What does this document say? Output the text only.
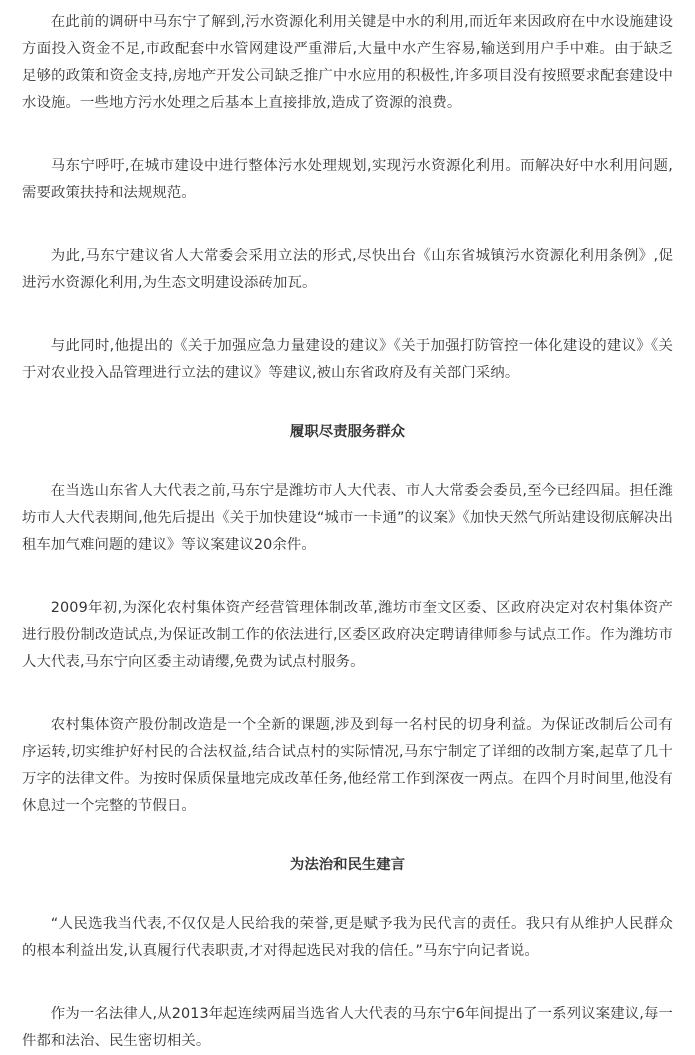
在此前的调研中马东宁了解到,污水资源化利用关键是中水的利用,而近年来因政府在中水设施建设方面投入资金不足,市政配套中水管网建设严重滞后,大量中水产生容易,输送到用户手中难。由于缺乏足够的政策和资金支持,房地产开发公司缺乏推广中水应用的积极性,许多项目没有按照要求配套建设中水设施。一些地方污水处理之后基本上直接排放,造成了资源的浪费。

马东宁呼吁,在城市建设中进行整体污水处理规划,实现污水资源化利用。而解决好中水利用问题,需要政策扶持和法规规范。

为此,马东宁建议省人大常委会采用立法的形式,尽快出台《山东省城镇污水资源化利用条例》,促进污水资源化利用,为生态文明建设添砖加瓦。

与此同时,他提出的《关于加强应急力量建设的建议》《关于加强打防管控一体化建设的建议》《关于对农业投入品管理进行立法的建议》等建议,被山东省政府及有关部门采纳。

履职尽责服务群众

在当选山东省人大代表之前,马东宁是潍坊市人大代表、市人大常委会委员,至今已经四届。担任潍坊市人大代表期间,他先后提出《关于加快建设“城市一卡通”的议案》《加快天然气所站建设彻底解决出租车加气难问题的建议》等议案建议20余件。

2009年初,为深化农村集体资产经营管理体制改革,潍坊市奎文区委、区政府决定对农村集体资产进行股份制改造试点,为保证改制工作的依法进行,区委区政府决定聘请律师参与试点工作。作为潍坊市人大代表,马东宁向区委主动请缨,免费为试点村服务。

农村集体资产股份制改造是一个全新的课题,涉及到每一名村民的切身利益。为保证改制后公司有序运转,切实维护好村民的合法权益,结合试点村的实际情况,马东宁制定了详细的改制方案,起草了几十万字的法律文件。为按时保质保量地完成改革任务,他经常工作到深夜一两点。在四个月时间里,他没有休息过一个完整的节假日。

为法治和民生建言

“人民选我当代表,不仅仅是人民给我的荣誉,更是赋予我为民代言的责任。我只有从维护人民群众的根本利益出发,认真履行代表职责,才对得起选民对我的信任。”马东宁向记者说。

作为一名法律人,从2013年起连续两届当选省人大代表的马东宁6年间提出了一系列议案建议,每一件都和法治、民生密切相关。
